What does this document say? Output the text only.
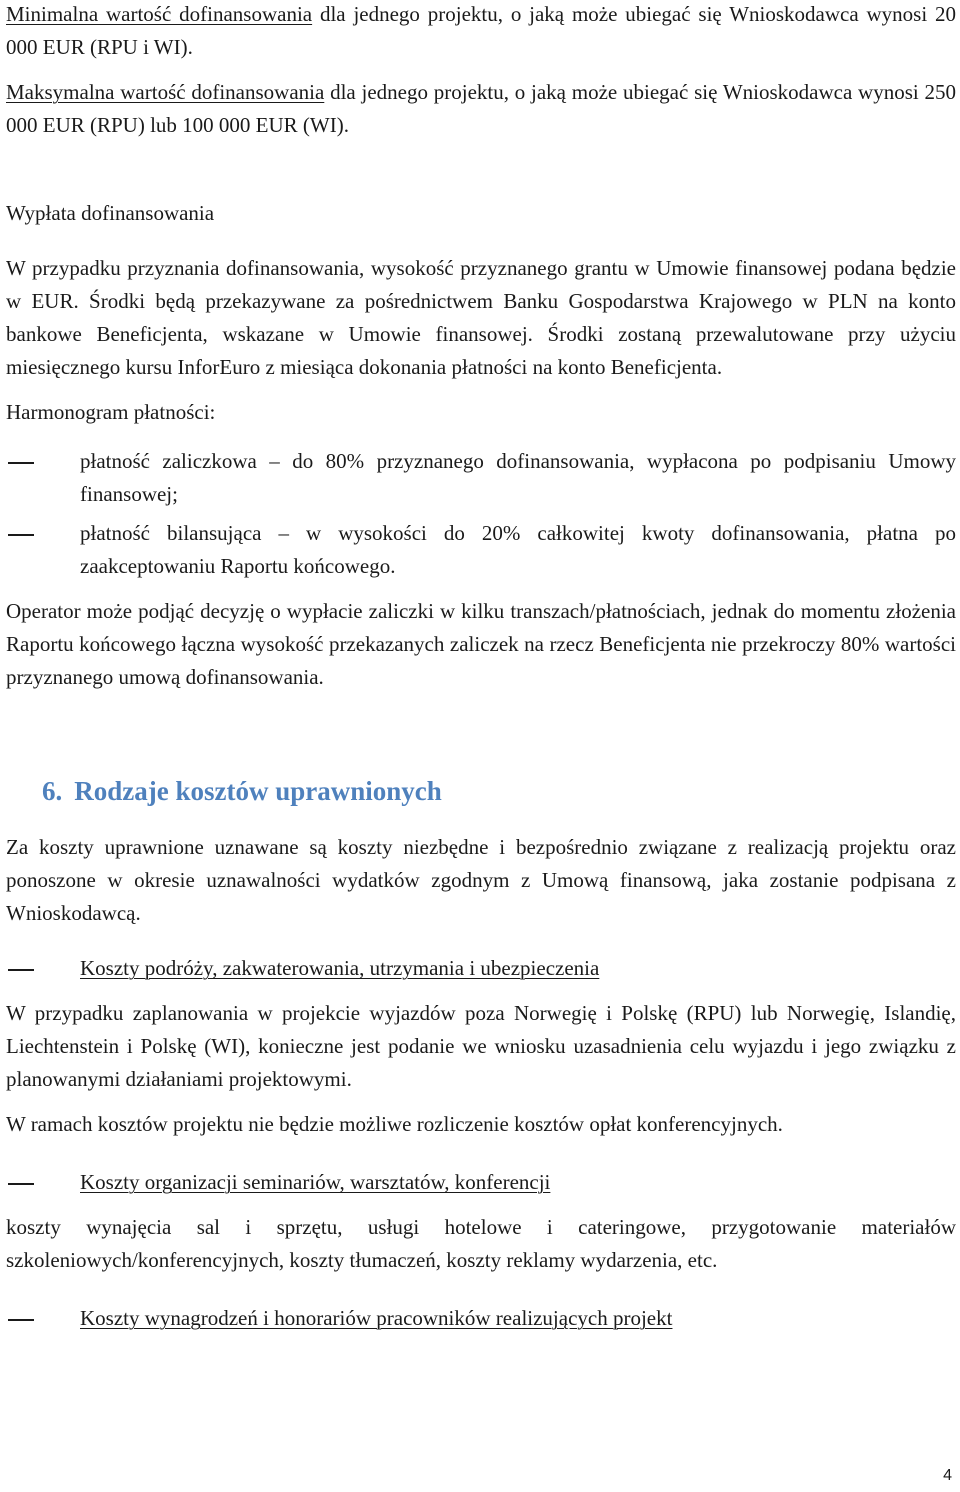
Minimalna wartość dofinansowania dla jednego projektu, o jaką może ubiegać się Wnioskodawca wynosi 20 000 EUR (RPU i WI).

Maksymalna wartość dofinansowania dla jednego projektu, o jaką może ubiegać się Wnioskodawca wynosi 250 000 EUR (RPU) lub 100 000 EUR (WI).

Wypłata dofinansowania

W przypadku przyznania dofinansowania, wysokość przyznanego grantu w Umowie finansowej podana będzie w EUR. Środki będą przekazywane za pośrednictwem Banku Gospodarstwa Krajowego w PLN na konto bankowe Beneficjenta, wskazane w Umowie finansowej. Środki zostaną przewalutowane przy użyciu miesięcznego kursu InforEuro z miesiąca dokonania płatności na konto Beneficjenta.

Harmonogram płatności:

płatność zaliczkowa – do 80% przyznanego dofinansowania, wypłacona po podpisaniu Umowy finansowej;
płatność bilansująca – w wysokości do 20% całkowitej kwoty dofinansowania, płatna po zaakceptowaniu Raportu końcowego.

Operator może podjąć decyzję o wypłacie zaliczki w kilku transzach/płatnościach, jednak do momentu złożenia Raportu końcowego łączna wysokość przekazanych zaliczek na rzecz Beneficjenta nie przekroczy 80% wartości przyznanego umową dofinansowania.

6. Rodzaje kosztów uprawnionych

Za koszty uprawnione uznawane są koszty niezbędne i bezpośrednio związane z realizacją projektu oraz ponoszone w okresie uznawalności wydatków zgodnym z Umową finansową, jaka zostanie podpisana z Wnioskodawcą.

Koszty podróży, zakwaterowania, utrzymania i ubezpieczenia

W przypadku zaplanowania w projekcie wyjazdów poza Norwegię i Polskę (RPU) lub Norwegię, Islandię, Liechtenstein i Polskę (WI), konieczne jest podanie we wniosku uzasadnienia celu wyjazdu i jego związku z planowanymi działaniami projektowymi.

W ramach kosztów projektu nie będzie możliwe rozliczenie kosztów opłat konferencyjnych.

Koszty organizacji seminariów, warsztatów, konferencji

koszty wynajęcia sal i sprzętu, usługi hotelowe i cateringowe, przygotowanie materiałów szkoleniowych/konferencyjnych, koszty tłumaczeń, koszty reklamy wydarzenia, etc.

Koszty wynagrodzeń i honorariów pracowników realizujących projekt
4
